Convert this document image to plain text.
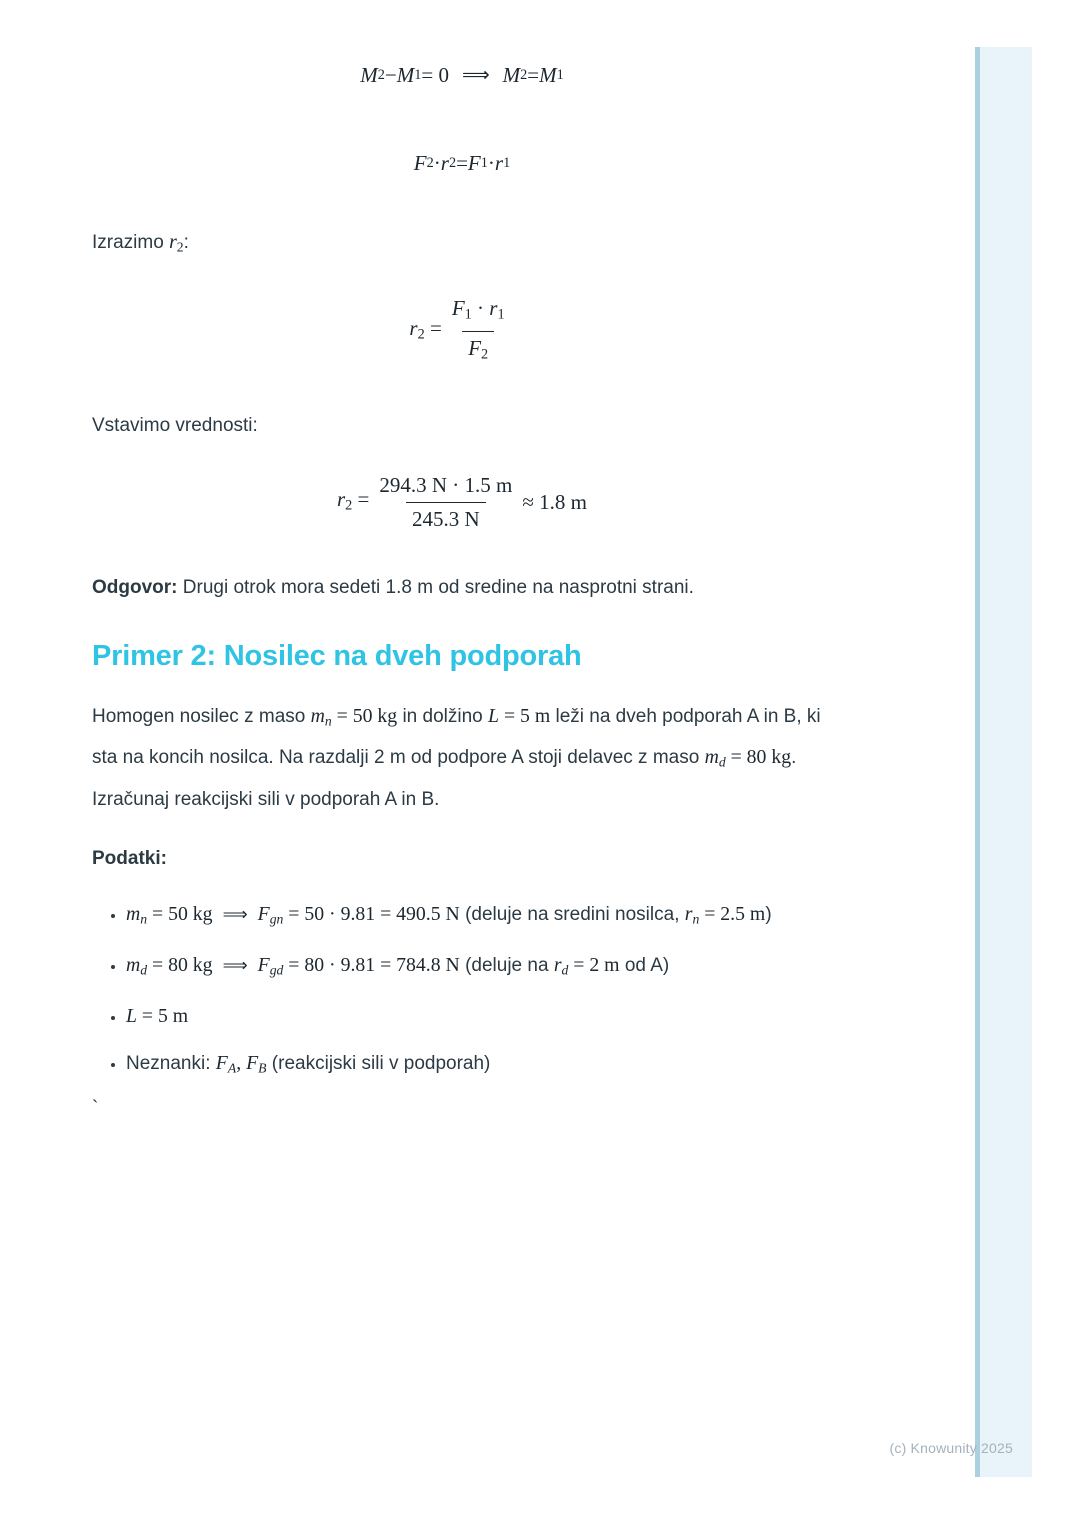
M 2 − M 1 = 0 ⟹ M 2 = M 1
F 2 · r 2 = F 1 · r 1

Izrazimo r2:

$r2 = \frac{F1 \cdot r1}{F2}$

Vstavimo vrednosti:

$r2 = \frac{294.3 N \cdot 1.5 m}{245.3 N} \approx 1.8$ m

Odgovor: Drugi otrok mora sedeti 1.8 m od sredine na nasprotni strani.

Primer 2: Nosilec na dveh podporah

Homogen nosilec z maso mn = 50 kg in dolžino L = 5 m leži na dveh podporah A in B, ki sta na koncih nosilca. Na razdalji 2 m od podpore A stoji delavec z maso md = 80 kg. Izračunaj reakcijski sili v podporah A in B.

Podatki:

• mn = 50 kg ⟹ Fgn = 50 · 9.81 = 490.5 N (deluje na sredini nosilca, rn = 2.5 m)
• md = 80 kg ⟹ Fgd = 80 · 9.81 = 784.8 N (deluje na rd = 2 m od A)
• L = 5 m
• Neznanki: FA, FB (reakcijski sili v podporah)

`

(c) Knowunity 2025
